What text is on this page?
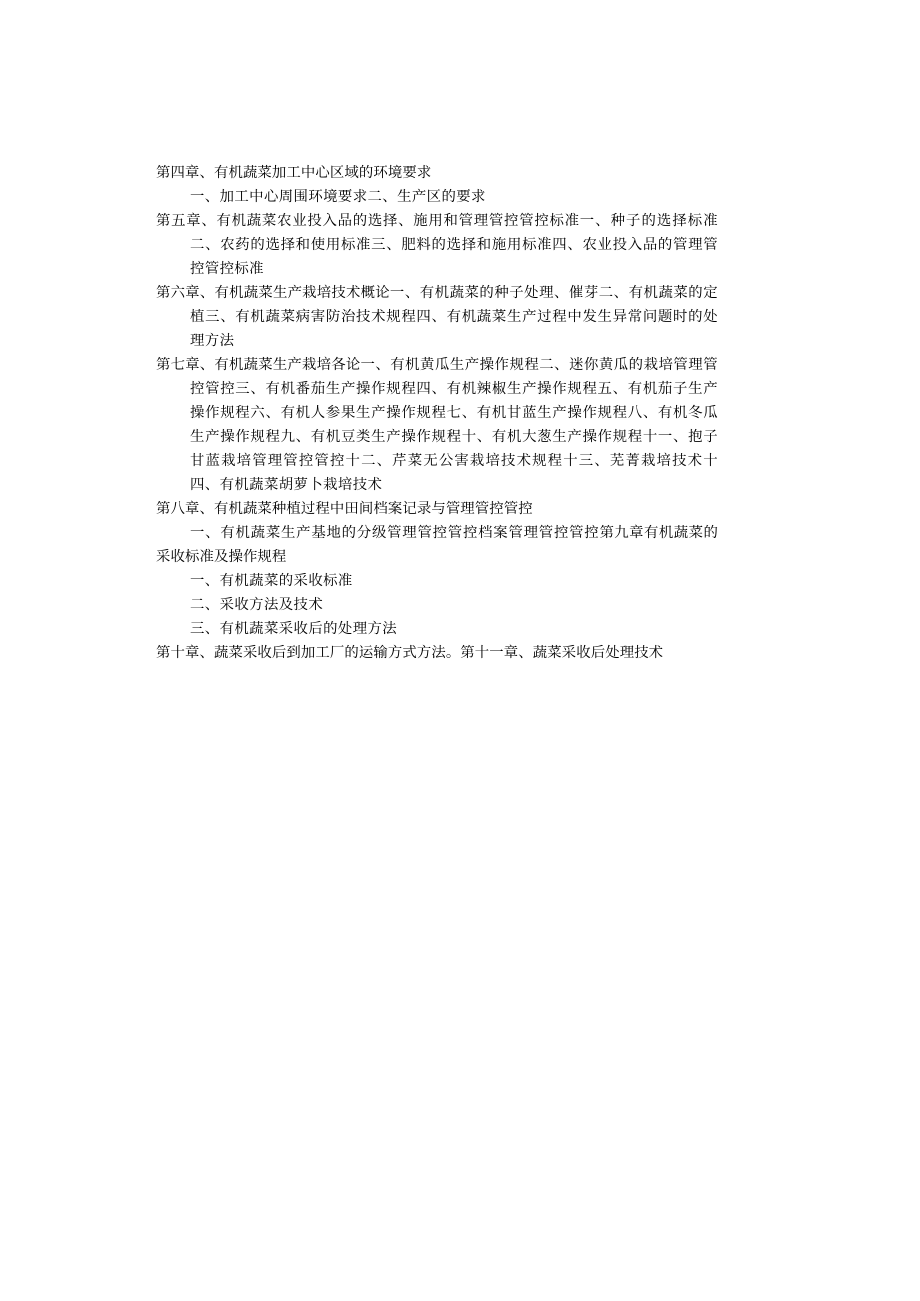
第四章、有机蔬菜加工中心区域的环境要求

一、加工中心周围环境要求二、生产区的要求

第五章、有机蔬菜农业投入品的选择、施用和管理管控管控标准一、种子的选择标准二、农药的选择和使用标准三、肥料的选择和施用标准四、农业投入品的管理管控管控标准

第六章、有机蔬菜生产栽培技术概论一、有机蔬菜的种子处理、催芽二、有机蔬菜的定植三、有机蔬菜病害防治技术规程四、有机蔬菜生产过程中发生异常问题时的处理方法

第七章、有机蔬菜生产栽培各论一、有机黄瓜生产操作规程二、迷你黄瓜的栽培管理管控管控三、有机番茄生产操作规程四、有机辣椒生产操作规程五、有机茄子生产操作规程六、有机人参果生产操作规程七、有机甘蓝生产操作规程八、有机冬瓜生产操作规程九、有机豆类生产操作规程十、有机大葱生产操作规程十一、抱子甘蓝栽培管理管控管控十二、芹菜无公害栽培技术规程十三、芜菁栽培技术十四、有机蔬菜胡萝卜栽培技术

第八章、有机蔬菜种植过程中田间档案记录与管理管控管控

一、有机蔬菜生产基地的分级管理管控管控档案管理管控管控第九章有机蔬菜的采收标准及操作规程

一、有机蔬菜的采收标准

二、采收方法及技术

三、有机蔬菜采收后的处理方法

第十章、蔬菜采收后到加工厂的运输方式方法。第十一章、蔬菜采收后处理技术
